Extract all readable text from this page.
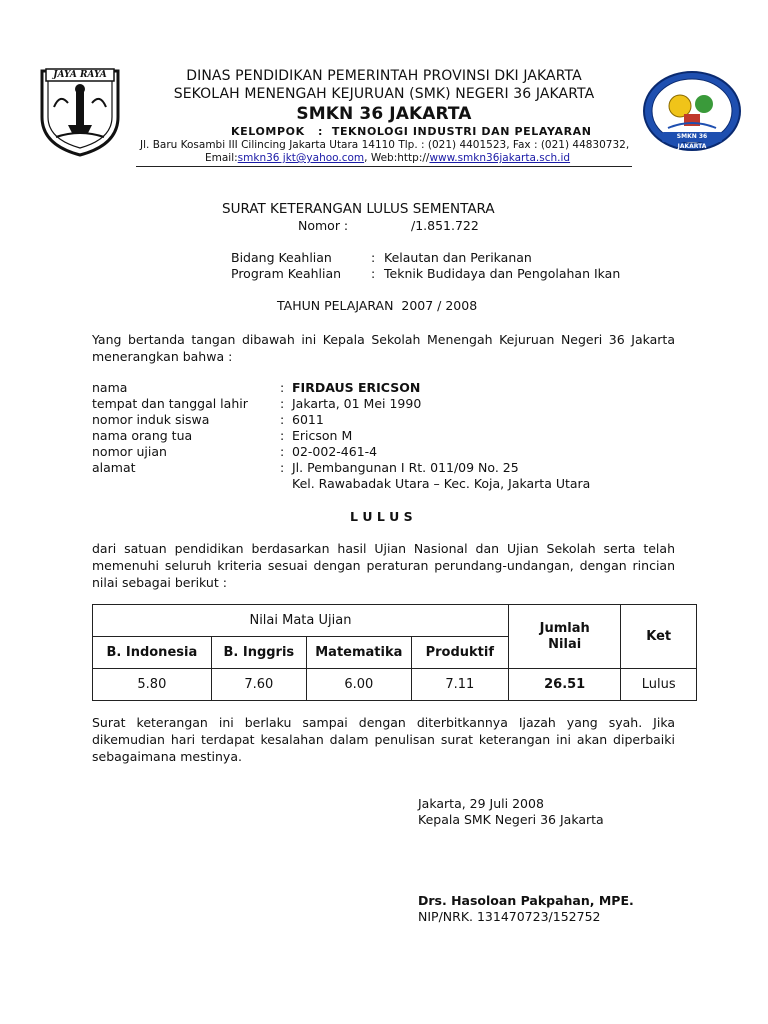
JAYA RAYA
SMKN 36 JAKARTA
DINAS PENDIDIKAN PEMERINTAH PROVINSI DKI JAKARTA
SEKOLAH MENENGAH KEJURUAN (SMK) NEGERI 36 JAKARTA
SMKN 36 JAKARTA
KELOMPOK   :  TEKNOLOGI INDUSTRI DAN PELAYARAN
Jl. Baru Kosambi III Cilincing Jakarta Utara 14110 Tlp. : (021) 4401523, Fax : (021) 44830732,
Email:smkn36 jkt@yahoo.com, Web:http://www.smkn36jakarta.sch.id
SURAT KETERANGAN LULUS SEMENTARA
Nomor :	/1.851.722
Bidang Keahlian	: Kelautan dan Perikanan
Program Keahlian : Teknik Budidaya dan Pengolahan Ikan
TAHUN PELAJARAN  2007 / 2008
Yang bertanda tangan dibawah ini Kepala Sekolah Menengah Kejuruan Negeri 36 Jakarta menerangkan bahwa :
nama	: FIRDAUS ERICSON
tempat dan tanggal lahir	: Jakarta, 01 Mei 1990
nomor induk siswa	: 6011
nama orang tua	: Ericson M
nomor ujian	: 02-002-461-4
alamat	: Jl. Pembangunan I Rt. 011/09 No. 25
Kel. Rawabadak Utara – Kec. Koja, Jakarta Utara
L U L U S
dari satuan pendidikan berdasarkan hasil Ujian Nasional dan Ujian Sekolah serta telah memenuhi seluruh kriteria sesuai dengan peraturan perundang-undangan, dengan rincian nilai sebagai berikut :
Nilai Mata Ujian				Jumlah Nilai	Ket
B. Indonesia	B. Inggris	Matematika	Produktif		
5.80	7.60	6.00	7.11	26.51	Lulus
Surat keterangan ini berlaku sampai dengan diterbitkannya Ijazah yang syah. Jika dikemudian hari terdapat kesalahan dalam penulisan surat keterangan ini akan diperbaiki sebagaimana mestinya.
Jakarta, 29 Juli 2008
Kepala SMK Negeri 36 Jakarta
Drs. Hasoloan Pakpahan, MPE.
NIP/NRK. 131470723/152752
